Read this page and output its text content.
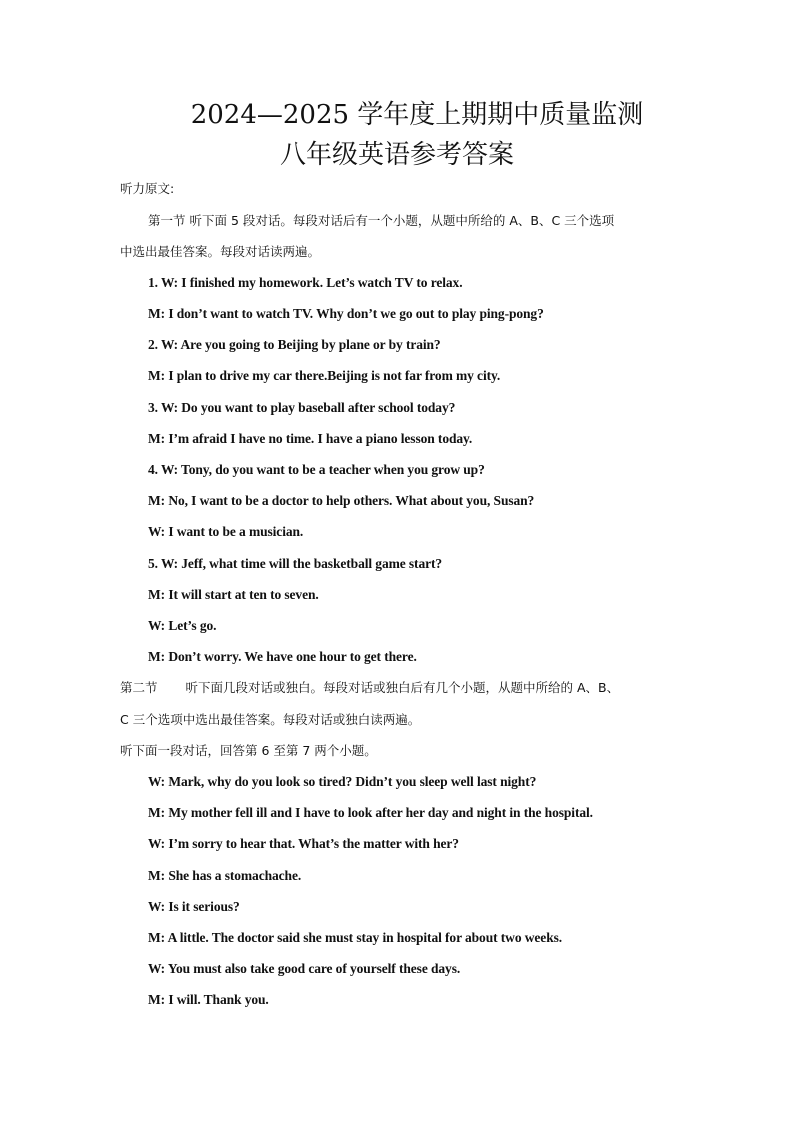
2024—2025 学年度上期期中质量监测
八年级英语参考答案
听力原文:
第一节 听下面 5 段对话。每段对话后有一个小题，从题中所给的 A、B、C 三个选项
中选出最佳答案。每段对话读两遍。
1. W: I finished my homework. Let’s watch TV to relax.
M: I don’t want to watch TV. Why don’t we go out to play ping-pong?
2. W: Are you going to Beijing by plane or by train?
M: I plan to drive my car there.Beijing is not far from my city.
3. W: Do you want to play baseball after school today?
M: I’m afraid I have no time. I have a piano lesson today.
4. W: Tony, do you want to be a teacher when you grow up?
M: No, I want to be a doctor to help others. What about you, Susan?
W: I want to be a musician.
5. W: Jeff, what time will the basketball game start?
M: It will start at ten to seven.
W: Let’s go.
M: Don’t worry. We have one hour to get there.
第二节 听下面几段对话或独白。每段对话或独白后有几个小题，从题中所给的 A、B、
C 三个选项中选出最佳答案。每段对话或独白读两遍。
听下面一段对话，回答第 6 至第 7 两个小题。
W: Mark, why do you look so tired? Didn’t you sleep well last night?
M: My mother fell ill and I have to look after her day and night in the hospital.
W: I’m sorry to hear that. What’s the matter with her?
M: She has a stomachache.
W: Is it serious?
M: A little. The doctor said she must stay in hospital for about two weeks.
W: You must also take good care of yourself these days.
M: I will. Thank you.
